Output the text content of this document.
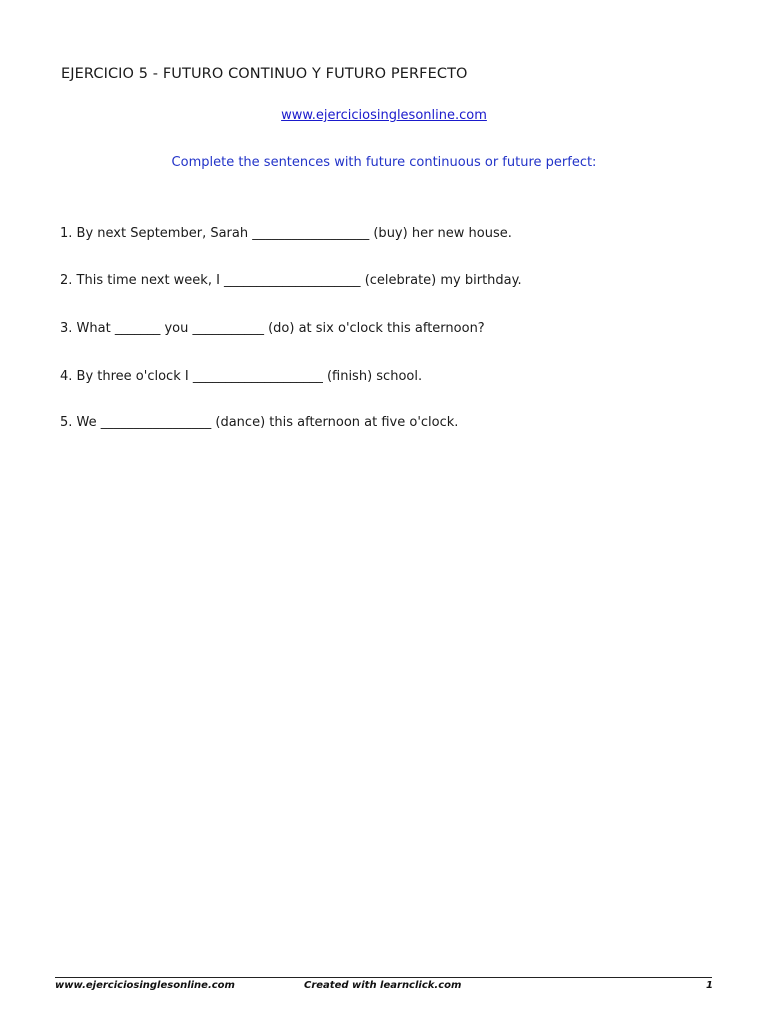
EJERCICIO 5 - FUTURO CONTINUO Y FUTURO PERFECTO
www.ejerciciosinglesonline.com
Complete the sentences with future continuous or future perfect:
1. By next September, Sarah __________________ (buy) her new house.
2. This time next week, I _____________________ (celebrate) my birthday.
3. What _______ you ___________ (do) at six o'clock this afternoon?
4. By three o'clock I ____________________ (finish) school.
5. We _________________ (dance) this afternoon at five o'clock.
www.ejerciciosinglesonline.com	Created with learnclick.com	1
